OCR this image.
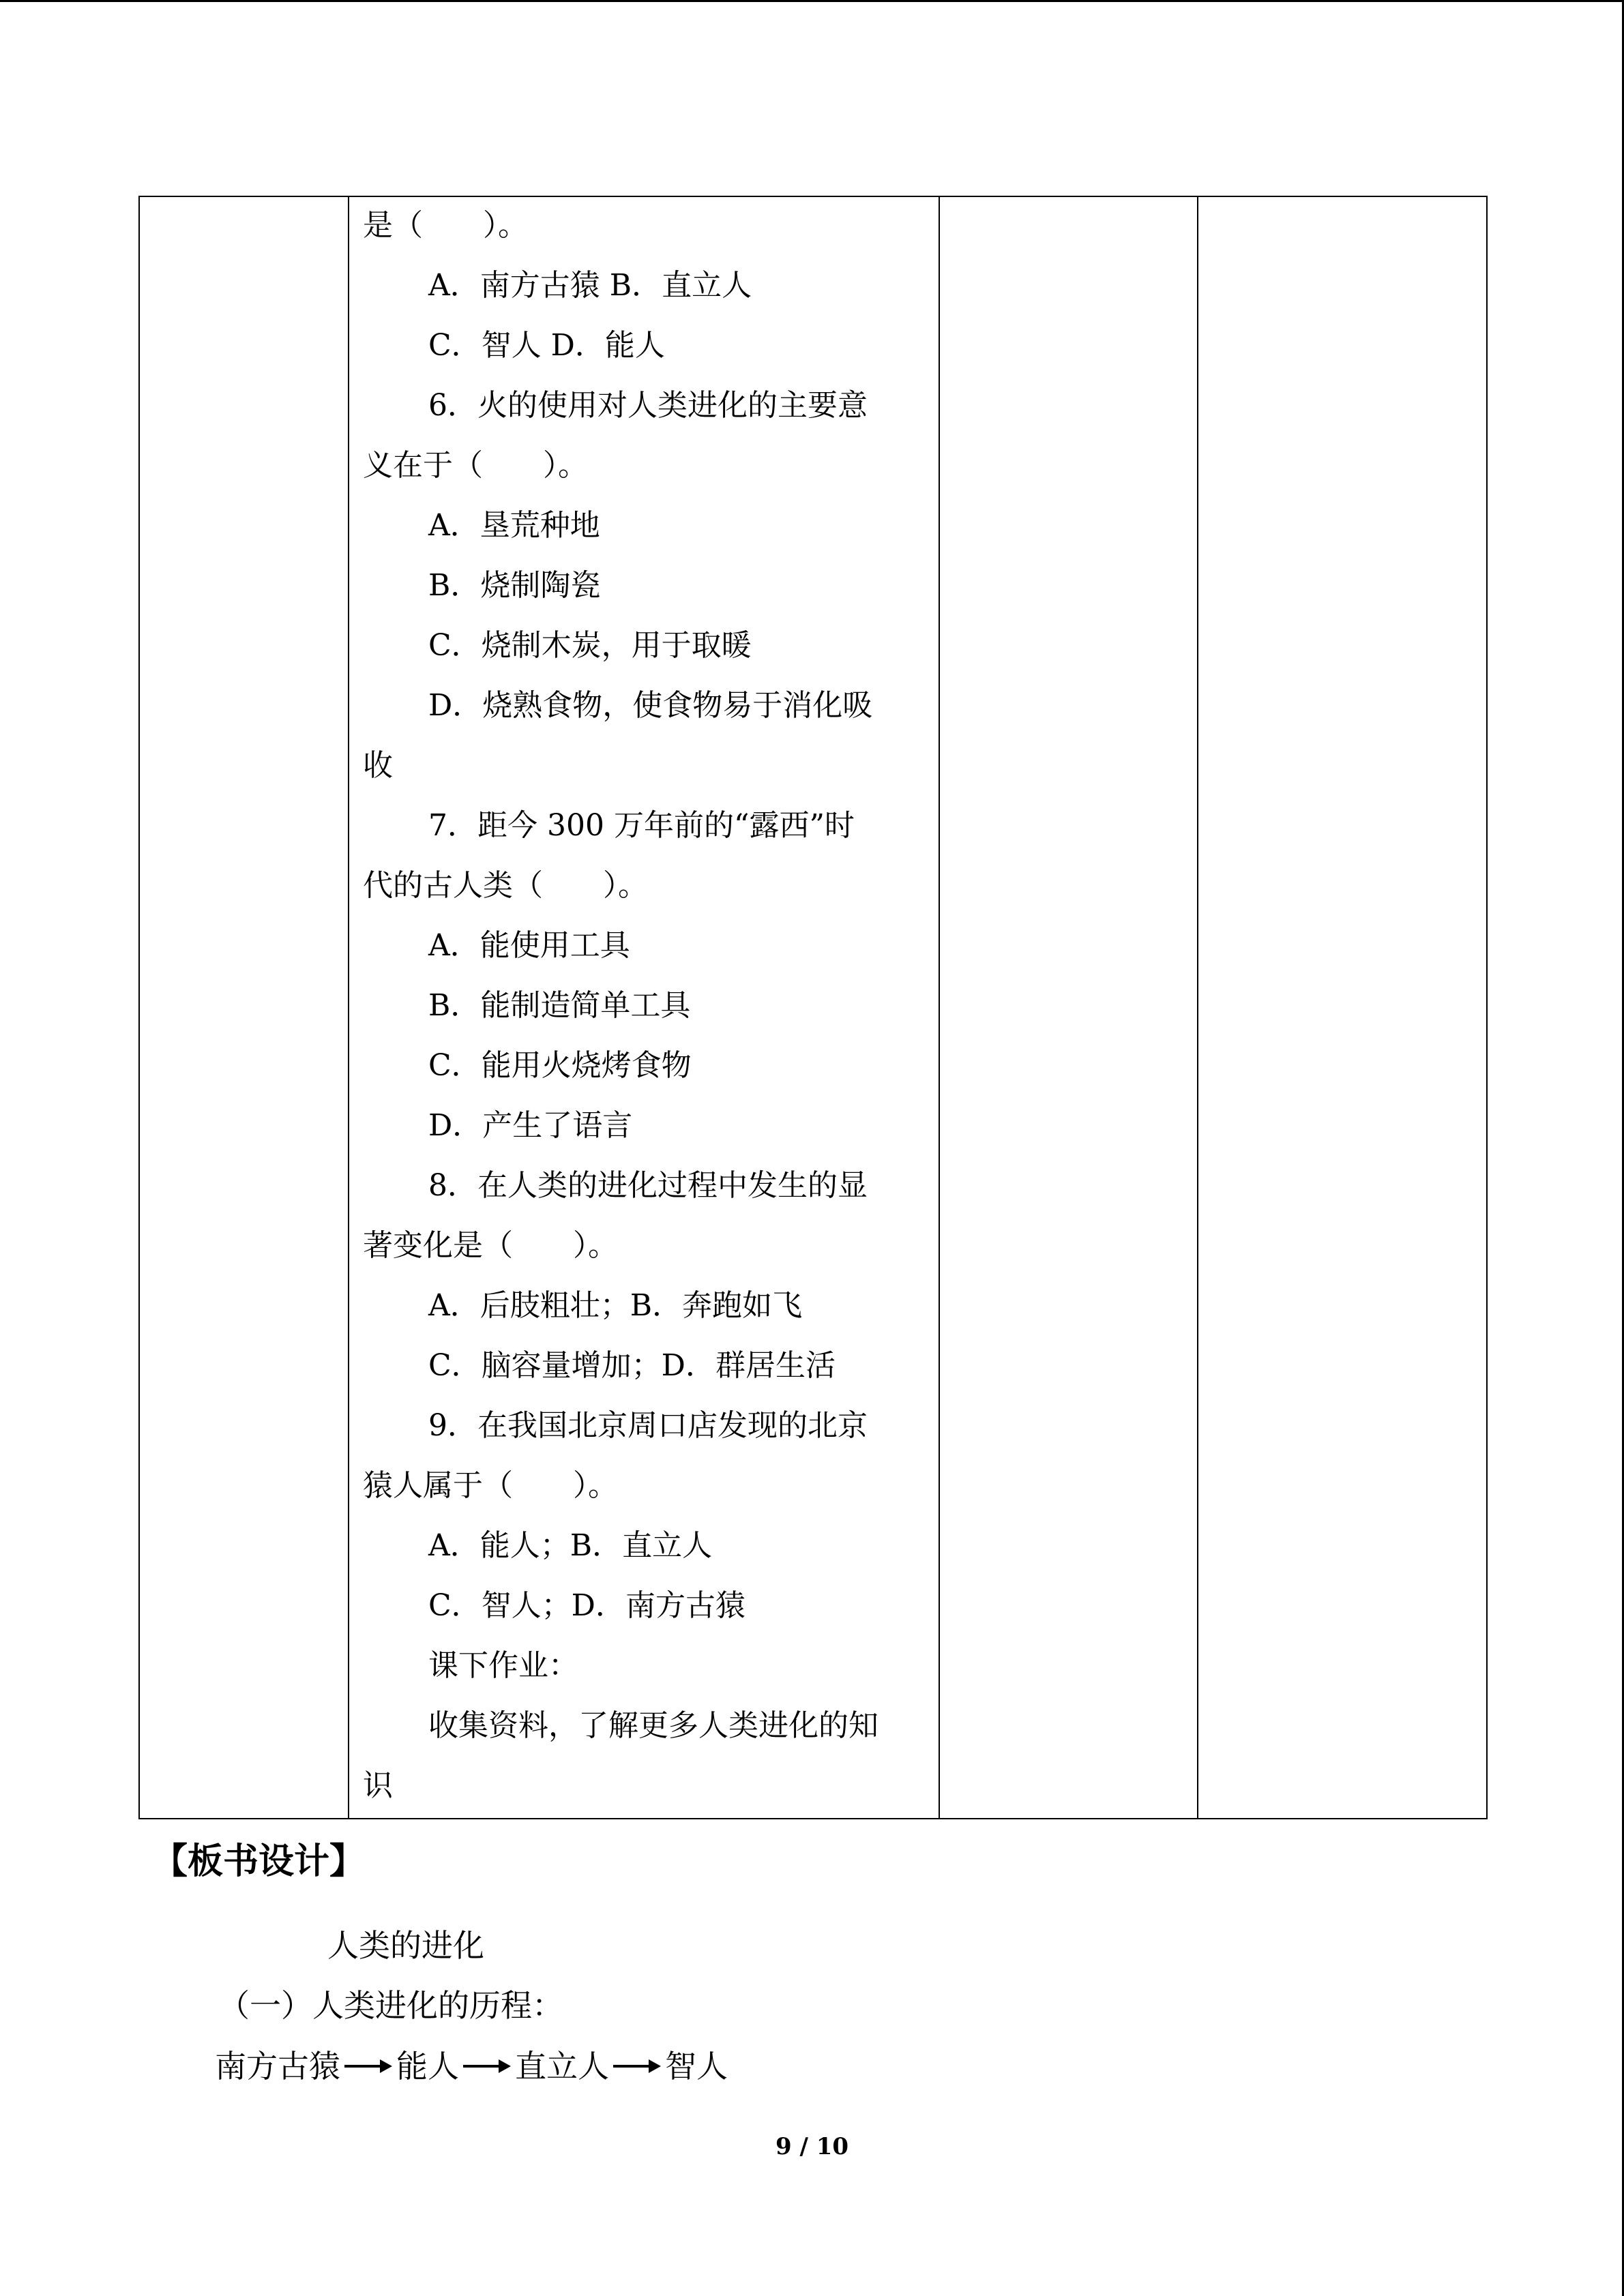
是（　　）。
A．南方古猿 B．直立人
C．智人 D．能人
6．火的使用对人类进化的主要意
义在于（　　）。
A．垦荒种地
B．烧制陶瓷
C．烧制木炭，用于取暖
D．烧熟食物，使食物易于消化吸
收
7．距今 300 万年前的“露西”时
代的古人类（　　）。
A．能使用工具
B．能制造简单工具
C．能用火烧烤食物
D．产生了语言
8．在人类的进化过程中发生的显
著变化是（　　）。
A．后肢粗壮；B．奔跑如飞
C．脑容量增加；D．群居生活
9．在我国北京周口店发现的北京
猿人属于（　　）。
A．能人；B．直立人
C．智人；D．南方古猿
课下作业：
收集资料，了解更多人类进化的知
识
【板书设计】
人类的进化
（一）人类进化的历程：
南方古猿 能人 直立人 智人
9 / 10
